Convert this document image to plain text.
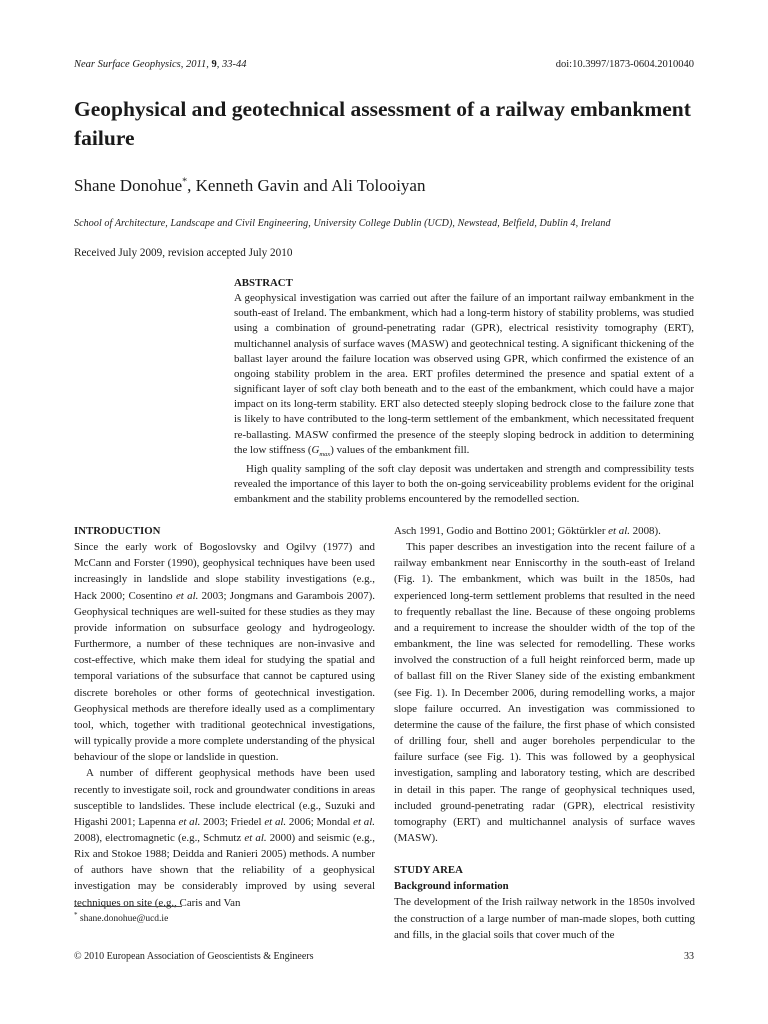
Near Surface Geophysics, 2011, 9, 33-44	doi:10.3997/1873-0604.2010040
Geophysical and geotechnical assessment of a railway embankment failure
Shane Donohue*, Kenneth Gavin and Ali Tolooiyan
School of Architecture, Landscape and Civil Engineering, University College Dublin (UCD), Newstead, Belfield, Dublin 4, Ireland
Received July 2009, revision accepted July 2010
ABSTRACT

A geophysical investigation was carried out after the failure of an important railway embankment in the south-east of Ireland. The embankment, which had a long-term history of stability problems, was studied using a combination of ground-penetrating radar (GPR), electrical resistivity tomography (ERT), multichannel analysis of surface waves (MASW) and geotechnical testing. A significant thickening of the ballast layer around the failure location was observed using GPR, which confirmed the existence of an ongoing stability problem in the area. ERT profiles determined the presence and spatial extent of a significant layer of soft clay both beneath and to the east of the embankment, which could have a major impact on its long-term stability. ERT also detected steeply sloping bedrock close to the failure zone that is likely to have contributed to the long-term settlement of the embankment, which necessitated frequent re-ballasting. MASW confirmed the presence of the steeply sloping bedrock in addition to determining the low stiffness $(G_{max})$ values of the embankment fill.

High quality sampling of the soft clay deposit was undertaken and strength and compressibility tests revealed the importance of this layer to both the on-going serviceability problems evident for the original embankment and the stability problems encountered by the remodelled section.

INTRODUCTION

Since the early work of Bogoslovsky and Ogilvy (1977) and McCann and Forster (1990), geophysical techniques have been used increasingly in landslide and slope stability investigations (e.g., Hack 2000; Cosentino et al. 2003; Jongmans and Garambois 2007). Geophysical techniques are well-suited for these studies as they may provide information on subsurface geology and hydrogeology. Furthermore, a number of these techniques are non-invasive and cost-effective, which make them ideal for studying the spatial and temporal variations of the subsurface that cannot be captured using discrete boreholes or other forms of geotechnical investigation. Geophysical methods are therefore ideally used as a complimentary tool, which, together with traditional geotechnical investigations, will typically provide a more complete understanding of the physical behaviour of the slope or landslide in question.

A number of different geophysical methods have been used recently to investigate soil, rock and groundwater conditions in areas susceptible to landslides. These include electrical (e.g., Suzuki and Higashi 2001; Lapenna et al. 2003; Friedel et al. 2006; Mondal et al. 2008), electromagnetic (e.g., Schmutz et al. 2000) and seismic (e.g., Rix and Stokoe 1988; Deidda and Ranieri 2005) methods. A number of authors have shown that the reliability of a geophysical investigation may be considerably improved by using several techniques on site (e.g., Caris and Van

Asch 1991, Godio and Bottino 2001; Göktürkler et al. 2008).

This paper describes an investigation into the recent failure of a railway embankment near Enniscorthy in the south-east of Ireland (Fig. 1). The embankment, which was built in the 1850s, had experienced long-term settlement problems that resulted in the need to frequently reballast the line. Because of these ongoing problems and a requirement to increase the shoulder width of the top of the embankment, the line was selected for remodelling. These works involved the construction of a full height reinforced berm, made up of ballast fill on the River Slaney side of the existing embankment (see Fig. 1). In December 2006, during remodelling works, a major slope failure occurred. An investigation was commissioned to determine the cause of the failure, the first phase of which consisted of drilling four, shell and auger boreholes perpendicular to the failure surface (see Fig. 1). This was followed by a geophysical investigation, sampling and laboratory testing, which are described in detail in this paper. The range of geophysical techniques used, included ground-penetrating radar (GPR), electrical resistivity tomography (ERT) and multichannel analysis of surface waves (MASW).

STUDY AREA
Background information

The development of the Irish railway network in the 1850s involved the construction of a large number of man-made slopes, both cutting and fills, in the glacial soils that cover much of the

* shane.donohue@ucd.ie
© 2010 European Association of Geoscientists & Engineers	33
